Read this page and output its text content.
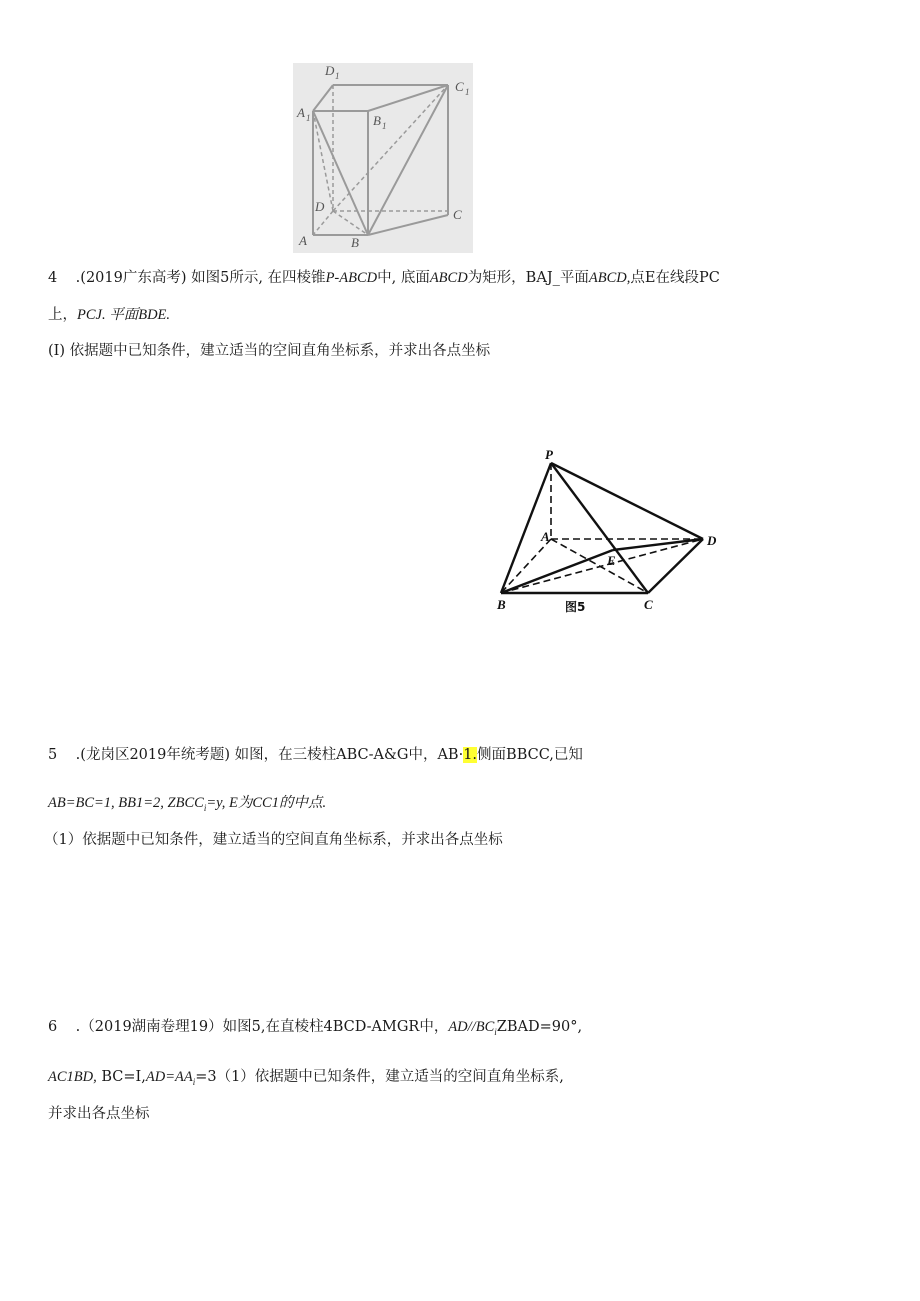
D 1
C 1
A 1	B 1
D
C
A	B
4 .(2019广东高考) 如图5所示, 在四棱锥P-ABCD中, 底面ABCD为矩形，BAJ_平面ABCD,点E在线段PC
上，PCJ. 平面BDE.
(I) 依据题中已知条件，建立适当的空间直角坐标系，并求出各点坐标
P
A	D
E
B	C
图5
5 .(龙岗区2019年统考题) 如图，在三棱柱ABC-A&G中，AB·1.侧面BBCC,已知
AB=BC=1, BB1=2, $ZBCC_i=y$, E为CC1的中点.
（1）依据题中已知条件，建立适当的空间直角坐标系，并求出各点坐标
6 .（2019湖南卷理19）如图5,在直棱柱4BCD-AMGR中，$AD//BC_iZBAD=90^\circ$,
AC1BD, $BC=I,AD=AA_i=3(1)$依据题中已知条件，建立适当的空间直角坐标系,
并求出各点坐标
